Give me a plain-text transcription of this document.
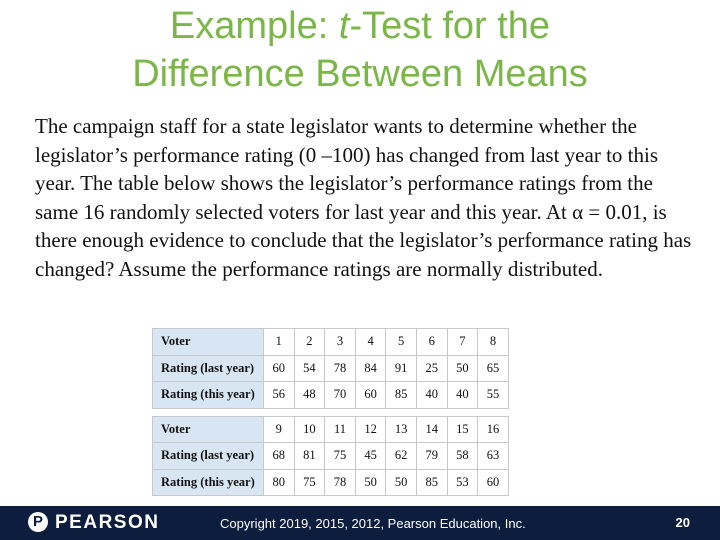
Example: t-Test for the
Difference Between Means
The campaign staff for a state legislator wants to determine whether the legislator’s performance rating (0 –100) has changed from last year to this year. The table below shows the legislator’s performance ratings from the same 16 randomly selected voters for last year and this year. At α = 0.01, is there enough evidence to conclude that the legislator’s performance rating has changed? Assume the performance ratings are normally distributed.
Voter	1	2	3	4	5	6	7	8
Rating (last year)	60	54	78	84	91	25	50	65
Rating (this year)	56	48	70	60	85	40	40	55

Voter	9	10	11	12	13	14	15	16
Rating (last year)	68	81	75	45	62	79	58	63
Rating (this year)	80	75	78	50	50	85	53	60
P PEARSON	Copyright 2019, 2015, 2012, Pearson Education, Inc.	20
